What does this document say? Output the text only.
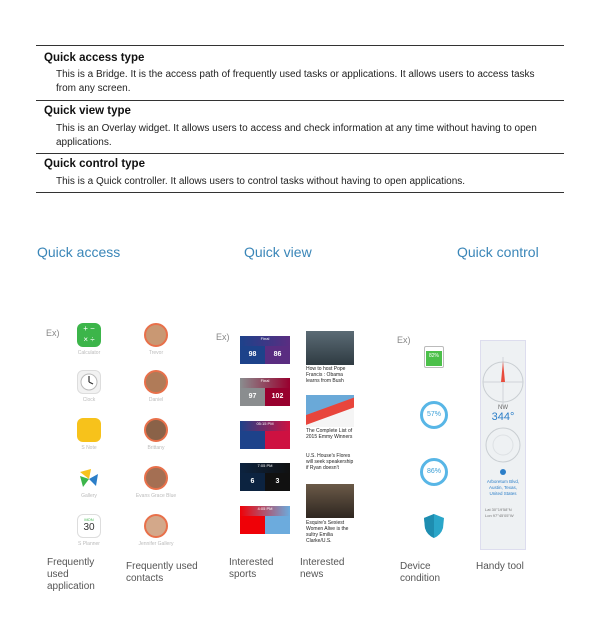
Quick access type
This is a Bridge. It is the access path of frequently used tasks or applications. It allows users to access tasks from any screen.
Quick view type
This is an Overlay widget. It allows users to access and check information at any time without having to open applications.
Quick control type
This is a Quick controller. It allows users to control tasks without having to open applications.
Quick access	Quick view	Quick control
Ex)	+ −
× ÷
Calculator
Clock
S Note
Gallery
MON
30
S Planner
Trevor
Daniel
Brittany
Evans Grace Blue
Jennifer Gallery
Frequently used application
Frequently used contacts
Ex)	Final
98	86
Final
97	102
05:15 PM
7:05 PM
6	3
4:05 PM
How to host Pope Francis : Obama learns from Bush
The Complete List of 2015 Emmy Winners
U.S. House's Flores will seek speakership if Ryan doesn't
Esquire's Sexiest Women Alive is the sultry Emilia Clarke/U.S.
Interested sports
Interested news
Ex)
82%
57%
86%
NW
344°
Arboretum Blvd, Austin, Texas, United States
Lat 30°19'58"N
Lon 97°45'05"W
Device condition
Handy tool
